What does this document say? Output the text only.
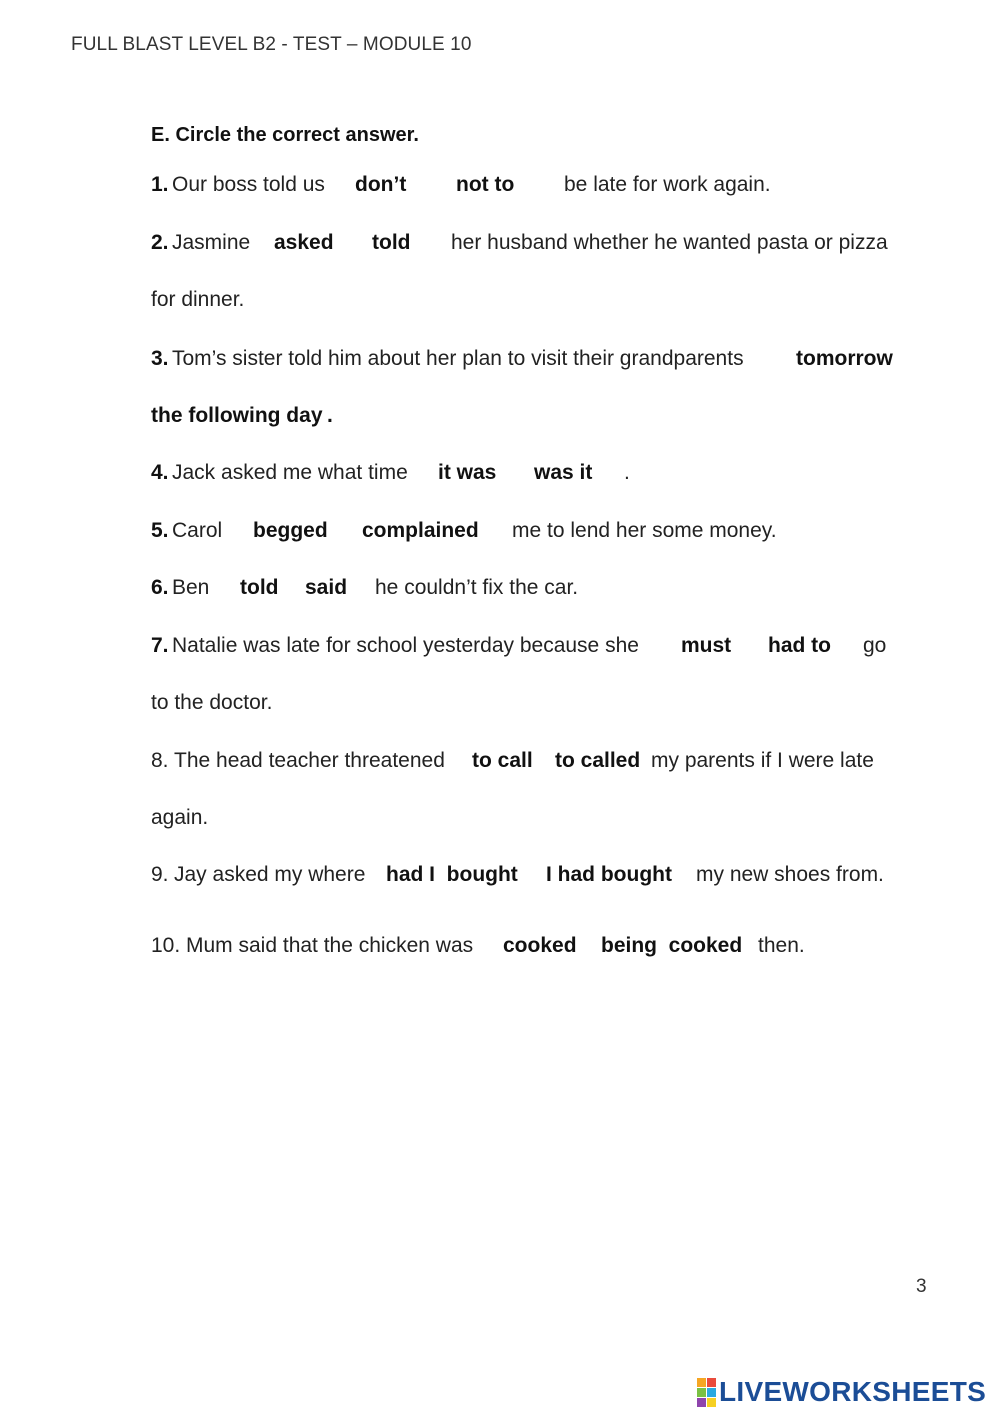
FULL BLAST LEVEL B2 - TEST – MODULE 10
E. Circle the correct answer.
1. Our boss told us don’t not to be late for work again.
2. Jasmine asked told her husband whether he wanted pasta or pizza
for dinner.
3. Tom’s sister told him about her plan to visit their grandparents tomorrow
the following day .
4. Jack asked me what time it was was it .
5. Carol begged complained me to lend her some money.
6. Ben told said he couldn’t fix the car.
7. Natalie was late for school yesterday because she must had to go
to the doctor.
8. The head teacher threatened to call to called my parents if I were late
again.
9. Jay asked my where had I  bought I had bought my new shoes from.
10. Mum said that the chicken was cooked being  cooked then.
3
LIVEWORKSHEETS
